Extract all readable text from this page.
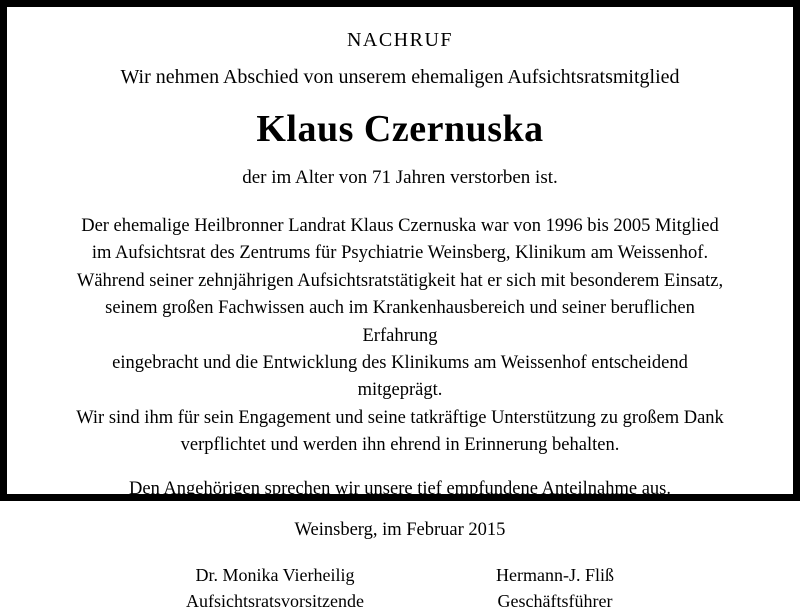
NACHRUF
Wir nehmen Abschied von unserem ehemaligen Aufsichtsratsmitglied
Klaus Czernuska
der im Alter von 71 Jahren verstorben ist.

Der ehemalige Heilbronner Landrat Klaus Czernuska war von 1996 bis 2005 Mitglied

im Aufsichtsrat des Zentrums für Psychiatrie Weinsberg, Klinikum am Weissenhof.

Während seiner zehnjährigen Aufsichtsratstätigkeit hat er sich mit besonderem Einsatz,

seinem großen Fachwissen auch im Krankenhausbereich und seiner beruflichen Erfahrung

eingebracht und die Entwicklung des Klinikums am Weissenhof entscheidend mitgeprägt.

Wir sind ihm für sein Engagement und seine tatkräftige Unterstützung zu großem Dank

verpflichtet und werden ihn ehrend in Erinnerung behalten.

Den Angehörigen sprechen wir unsere tief empfundene Anteilnahme aus.
Weinsberg, im Februar 2015
Dr. Monika Vierheilig
Aufsichtsratsvorsitzende
Hermann-J. Fliß
Geschäftsführer
